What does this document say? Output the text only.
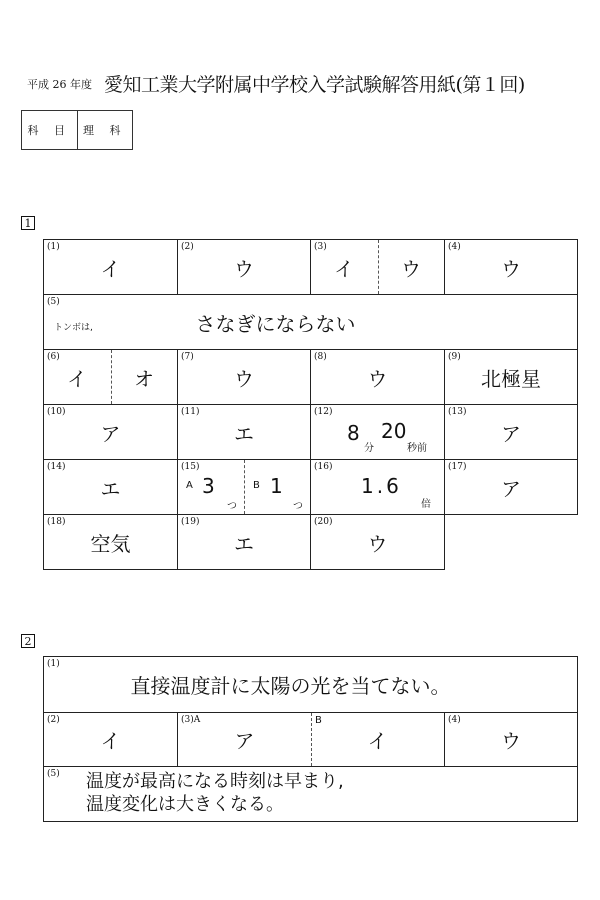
平成 26 年度 愛知工業大学附属中学校入学試験解答用紙(第１回)
科 目	理 科
1
(1)
イ
(2)
ウ
(3)
イ	ウ
(4)
ウ
(5)
トンボは,	さなぎにならない
(6)
イ	オ
(7)
ウ
(8)
ウ
(9)
北極星
(10)
ア
(11)
エ
(12)
8
分
20
秒前
(13)
ア
(14)
エ
(15)
A 3
つ
B 1
つ
(16)
1.6
倍
(17)
ア
(18)
空気
(19)
エ
(20)
ウ
2
(1)
直接温度計に太陽の光を当てない。
(2)
イ
(3)A
ア
B
イ
(4)
ウ
(5) 温度が最高になる時刻は早まり,
温度変化は大きくなる。
